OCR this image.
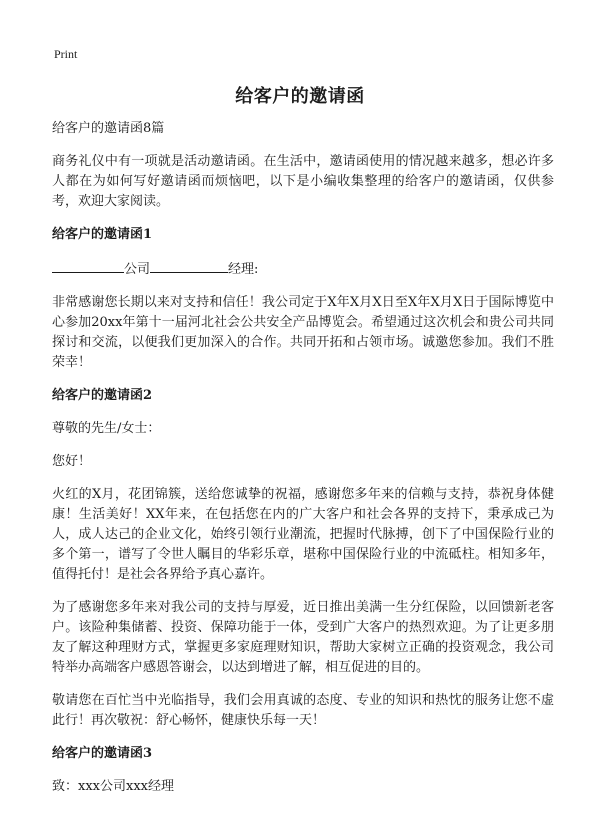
Print
给客户的邀请函

给客户的邀请函8篇

商务礼仪中有一项就是活动邀请函。在生活中，邀请函使用的情况越来越多，想必许多人都在为如何写好邀请函而烦恼吧，以下是小编收集整理的给客户的邀请函，仅供参考，欢迎大家阅读。

给客户的邀请函1

公司	经理:

非常感谢您长期以来对支持和信任！我公司定于X年X月X日至X年X月X日于国际博览中心参加20xx年第十一届河北社会公共安全产品博览会。希望通过这次机会和贵公司共同探讨和交流，以便我们更加深入的合作。共同开拓和占领市场。诚邀您参加。我们不胜荣幸！

给客户的邀请函2

尊敬的先生/女士：

您好！

火红的X月，花团锦簇，送给您诚挚的祝福，感谢您多年来的信赖与支持，恭祝身体健康！生活美好！XX年来，在包括您在内的广大客户和社会各界的支持下，秉承成己为人，成人达己的企业文化，始终引领行业潮流，把握时代脉搏，创下了中国保险行业的多个第一，谱写了令世人瞩目的华彩乐章，堪称中国保险行业的中流砥柱。相知多年，值得托付！是社会各界给予真心嘉许。

为了感谢您多年来对我公司的支持与厚爱，近日推出美满一生分红保险，以回馈新老客户。该险种集储蓄、投资、保障功能于一体，受到广大客户的热烈欢迎。为了让更多朋友了解这种理财方式，掌握更多家庭理财知识，帮助大家树立正确的投资观念，我公司特举办高端客户感恩答谢会，以达到增进了解，相互促进的目的。

敬请您在百忙当中光临指导，我们会用真诚的态度、专业的知识和热忱的服务让您不虚此行！再次敬祝：舒心畅怀，健康快乐每一天！

给客户的邀请函3

致：xxx公司xxx经理
